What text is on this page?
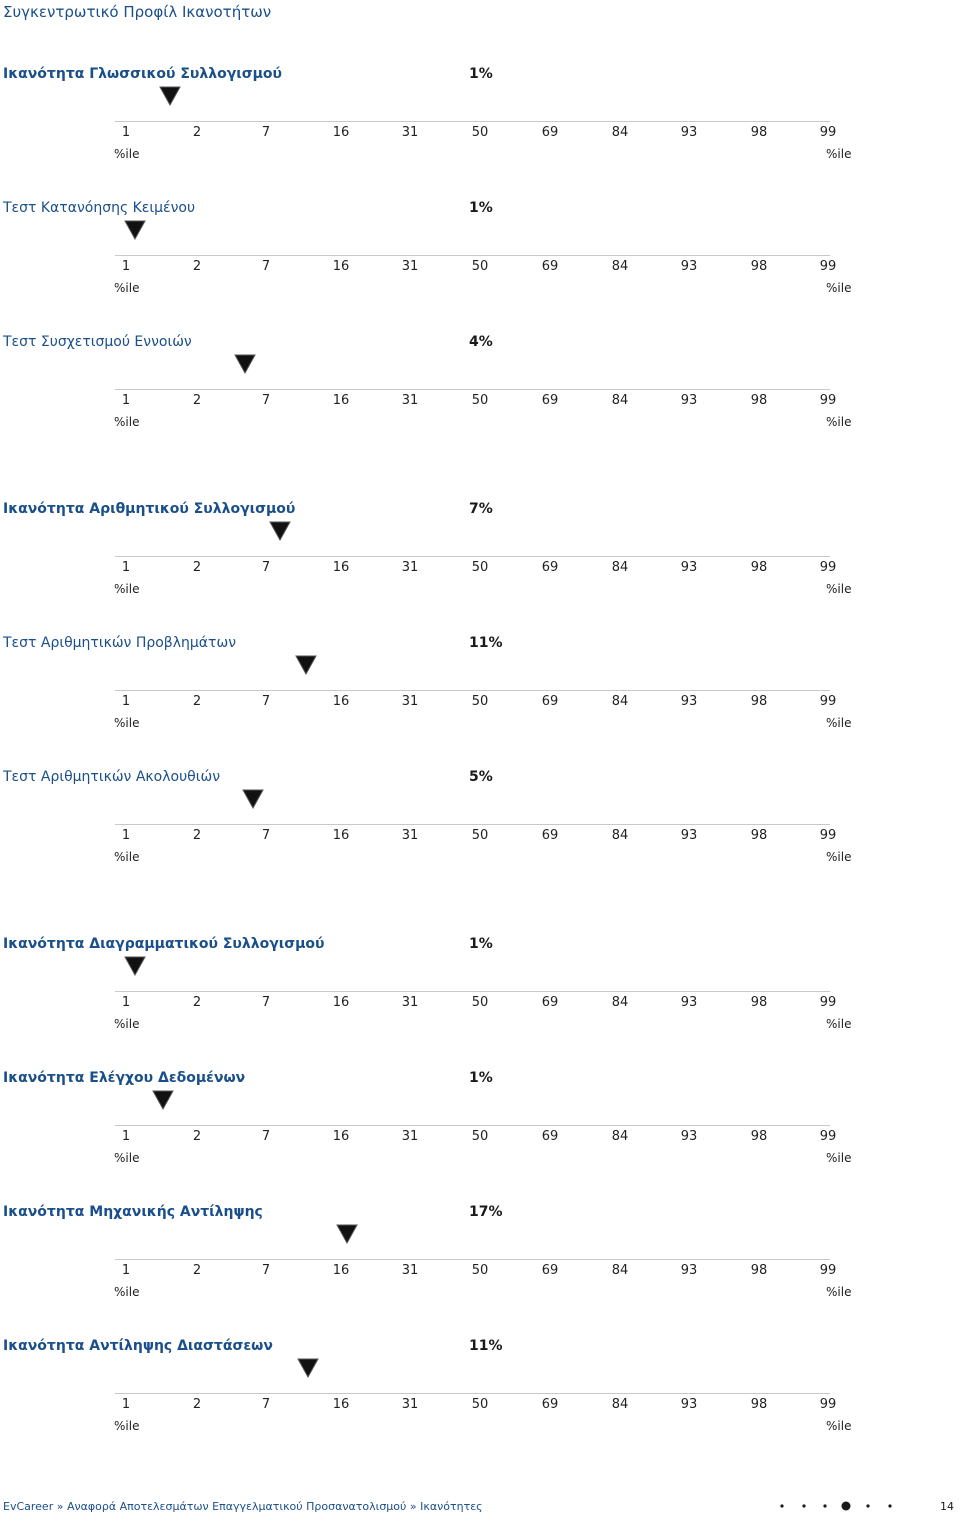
Συγκεντρωτικό Προφίλ Ικανοτήτων
Ικανότητα Γλωσσικού Συλλογισμού	1%
1	2	7	16	31	50	69	84	93	98	99
%ile	%ile
Τεστ Κατανόησης Κειμένου	1%
1	2	7	16	31	50	69	84	93	98	99
%ile	%ile
Τεστ Συσχετισμού Εννοιών	4%
1	2	7	16	31	50	69	84	93	98	99
%ile	%ile
Ικανότητα Αριθμητικού Συλλογισμού	7%
1	2	7	16	31	50	69	84	93	98	99
%ile	%ile
Τεστ Αριθμητικών Προβλημάτων	11%
1	2	7	16	31	50	69	84	93	98	99
%ile	%ile
Τεστ Αριθμητικών Ακολουθιών	5%
1	2	7	16	31	50	69	84	93	98	99
%ile	%ile
Ικανότητα Διαγραμματικού Συλλογισμού	1%
1	2	7	16	31	50	69	84	93	98	99
%ile	%ile
Ικανότητα Ελέγχου Δεδομένων	1%
1	2	7	16	31	50	69	84	93	98	99
%ile	%ile
Ικανότητα Μηχανικής Αντίληψης	17%
1	2	7	16	31	50	69	84	93	98	99
%ile	%ile
Ικανότητα Αντίληψης Διαστάσεων	11%
1	2	7	16	31	50	69	84	93	98	99
%ile	%ile
EvCareer » Αναφορά Αποτελεσμάτων Επαγγελματικού Προσανατολισμού » Ικανότητες	14
